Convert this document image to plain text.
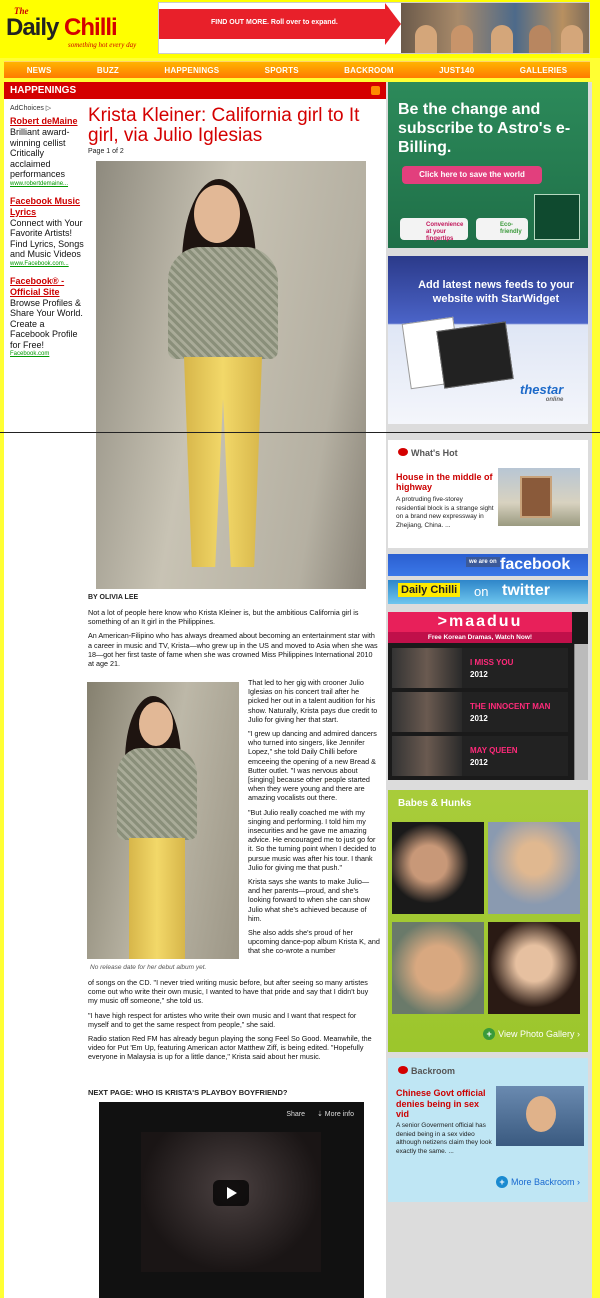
The
Daily Chilli
something hot every day
FIND OUT MORE. Roll over to expand.
NEWS	BUZZ	HAPPENINGS	SPORTS	BACKROOM	JUST140	GALLERIES
HAPPENINGS
AdChoices ▷
Robert deMaine
Brilliant award-winning cellist Critically acclaimed performances
www.robertdemaine...
Facebook Music Lyrics
Connect with Your Favorite Artists! Find Lyrics, Songs and Music Videos
www.Facebook.com...
Facebook® - Official Site
Browse Profiles & Share Your World. Create a Facebook Profile for Free!
Facebook.com
Krista Kleiner: California girl to It girl, via Julio Iglesias
Page 1 of 2
BY OLIVIA LEE

Not a lot of people here know who Krista Kleiner is, but the ambitious California girl is something of an It girl in the Philippines.

An American-Filipino who has always dreamed about becoming an entertainment star with a career in music and TV, Krista—who grew up in the US and moved to Asia when she was 18—got her first taste of fame when she was crowned Miss Philippines International 2010 at age 21.

No release date for her debut album yet.

That led to her gig with crooner Julio Iglesias on his concert trail after he picked her out in a talent audition for his show. Naturally, Krista pays due credit to Julio for giving her that start.

"I grew up dancing and admired dancers who turned into singers, like Jennifer Lopez," she told Daily Chilli before emceeing the opening of a new Bread & Butter outlet. "I was nervous about [singing] because other people started when they were young and there are amazing vocalists out there.

"But Julio really coached me with my singing and performing. I told him my insecurities and he gave me amazing advice. He encouraged me to just go for it. So the turning point when I decided to pursue music was after his tour. I thank Julio for giving me that push."

Krista says she wants to make Julio—and her parents—proud, and she's looking forward to when she can show Julio what she's achieved because of him.

She also adds she's proud of her upcoming dance-pop album Krista K, and that she co-wrote a number

of songs on the CD. "I never tried writing music before, but after seeing so many artistes come out who write their own music, I wanted to have that pride and say that I didn't buy my music off someone," she told us.

"I have high respect for artistes who write their own music and I want that respect for myself and to get the same respect from people," she said.

Radio station Red FM has already begun playing the song Feel So Good. Meanwhile, the video for Put 'Em Up, featuring American actor Matthew Ziff, is being edited. "Hopefully everyone in Malaysia is up for a little dance," Krista said about her music.

NEXT PAGE: WHO IS KRISTA'S PLAYBOY BOYFRIEND?
Share ⇣ More info
Be the change and subscribe to Astro's e-Billing.
Click here to save the world
Convenience at your fingertips
Eco-friendly
Add latest news feeds to your website with StarWidget
thestar
online
What's Hot
House in the middle of highway
A protruding five-storey residential block is a strange sight on a brand new expressway in Zhejiang, China. ...
we are on facebook
Daily Chilli on twitter
>maaduu
Free Korean Dramas, Watch Now!
I MISS YOU
2012
THE INNOCENT MAN
2012
MAY QUEEN
2012
Babes & Hunks
+ View Photo Gallery ›
Backroom
Chinese Govt official denies being in sex vid
A senior Goverment official has denied being in a sex video although netizens claim they look exactly the same. ...
+ More Backroom ›
